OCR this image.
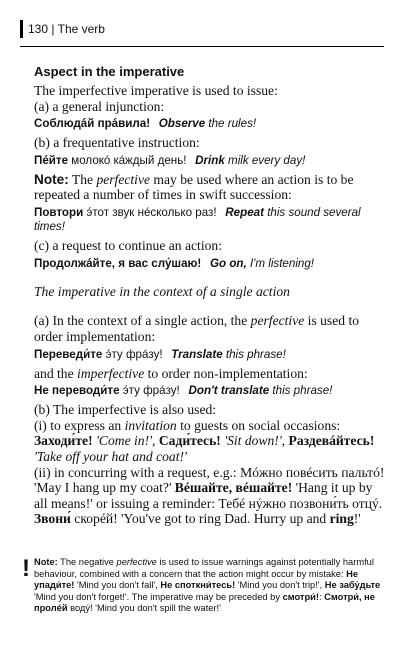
130 | The verb
Aspect in the imperative

The imperfective imperative is used to issue:

(a) a general injunction:

Соблюдáй прáвила! Observe the rules!

(b) a frequentative instruction:

Пéйте молокó кáждый день! Drink milk every day!

Note: The perfective may be used where an action is to be repeated a number of times in swift succession:

Повтори э́тот звук нéсколько раз! Repeat this sound several times!

(c) a request to continue an action:

Продолжáйте, я вас слу́шаю! Go on, I'm listening!

The imperative in the context of a single action

(a) In the context of a single action, the perfective is used to order implementation:

Переведи́те э́ту фрáзу! Translate this phrase!

and the imperfective to order non-implementation:

Не переводи́те э́ту фрáзу! Don't translate this phrase!

(b) The imperfective is also used:

(i) to express an invitation to guests on social occasions:
Заходи́те! 'Come in!', Сади́тесь! 'Sit down!', Раздевáйтесь! 'Take off your hat and coat!'

(ii) in concurring with a request, e.g.: Мóжно повéсить пальтó! 'May I hang up my coat?' Вéшайте, вéшайте! 'Hang it up by all means!' or issuing a reminder: Тебé нýжно позвони́ть отцý. Звони́ скорéй! 'You've got to ring Dad. Hurry up and ring!'

! Note: The negative perfective is used to issue warnings against potentially harmful behaviour, combined with a concern that the action might occur by mistake: Не упади́те! 'Mind you don't fall', Не споткни́тесь! 'Mind you don't trip!', Не забу́дьте 'Mind you don't forget!'. The imperative may be preceded by смотри́!: Смотри́, не пролéй водý! 'Mind you don't spill the water!'
